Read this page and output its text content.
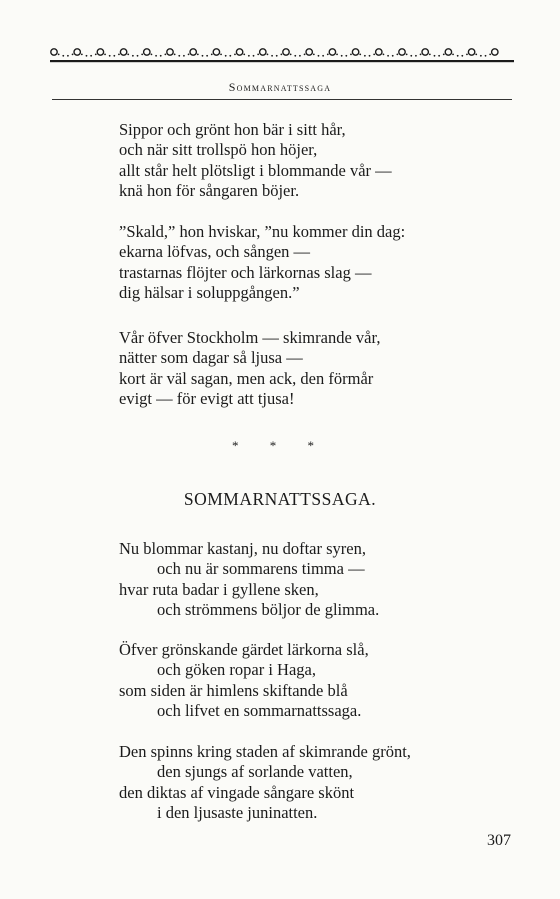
Sommarnattssaga
Sippor och grönt hon bär i sitt hår,
och när sitt trollspö hon höjer,
allt står helt plötsligt i blommande vår —
knä hon för sångaren böjer.
”Skald,” hon hviskar, ”nu kommer din dag:
ekarna löfvas, och sången —
trastarnas flöjter och lärkornas slag —
dig hälsar i soluppgången.”
Vår öfver Stockholm — skimrande vår,
nätter som dagar så ljusa —
kort är väl sagan, men ack, den förmår
evigt — för evigt att tjusa!
* * *
SOMMARNATTSSAGA.
Nu blommar kastanj, nu doftar syren,
och nu är sommarens timma —
hvar ruta badar i gyllene sken,
och strömmens böljor de glimma.
Öfver grönskande gärdet lärkorna slå,
och göken ropar i Haga,
som siden är himlens skiftande blå
och lifvet en sommarnattssaga.
Den spinns kring staden af skimrande grönt,
den sjungs af sorlande vatten,
den diktas af vingade sångare skönt
i den ljusaste juninatten.
307
